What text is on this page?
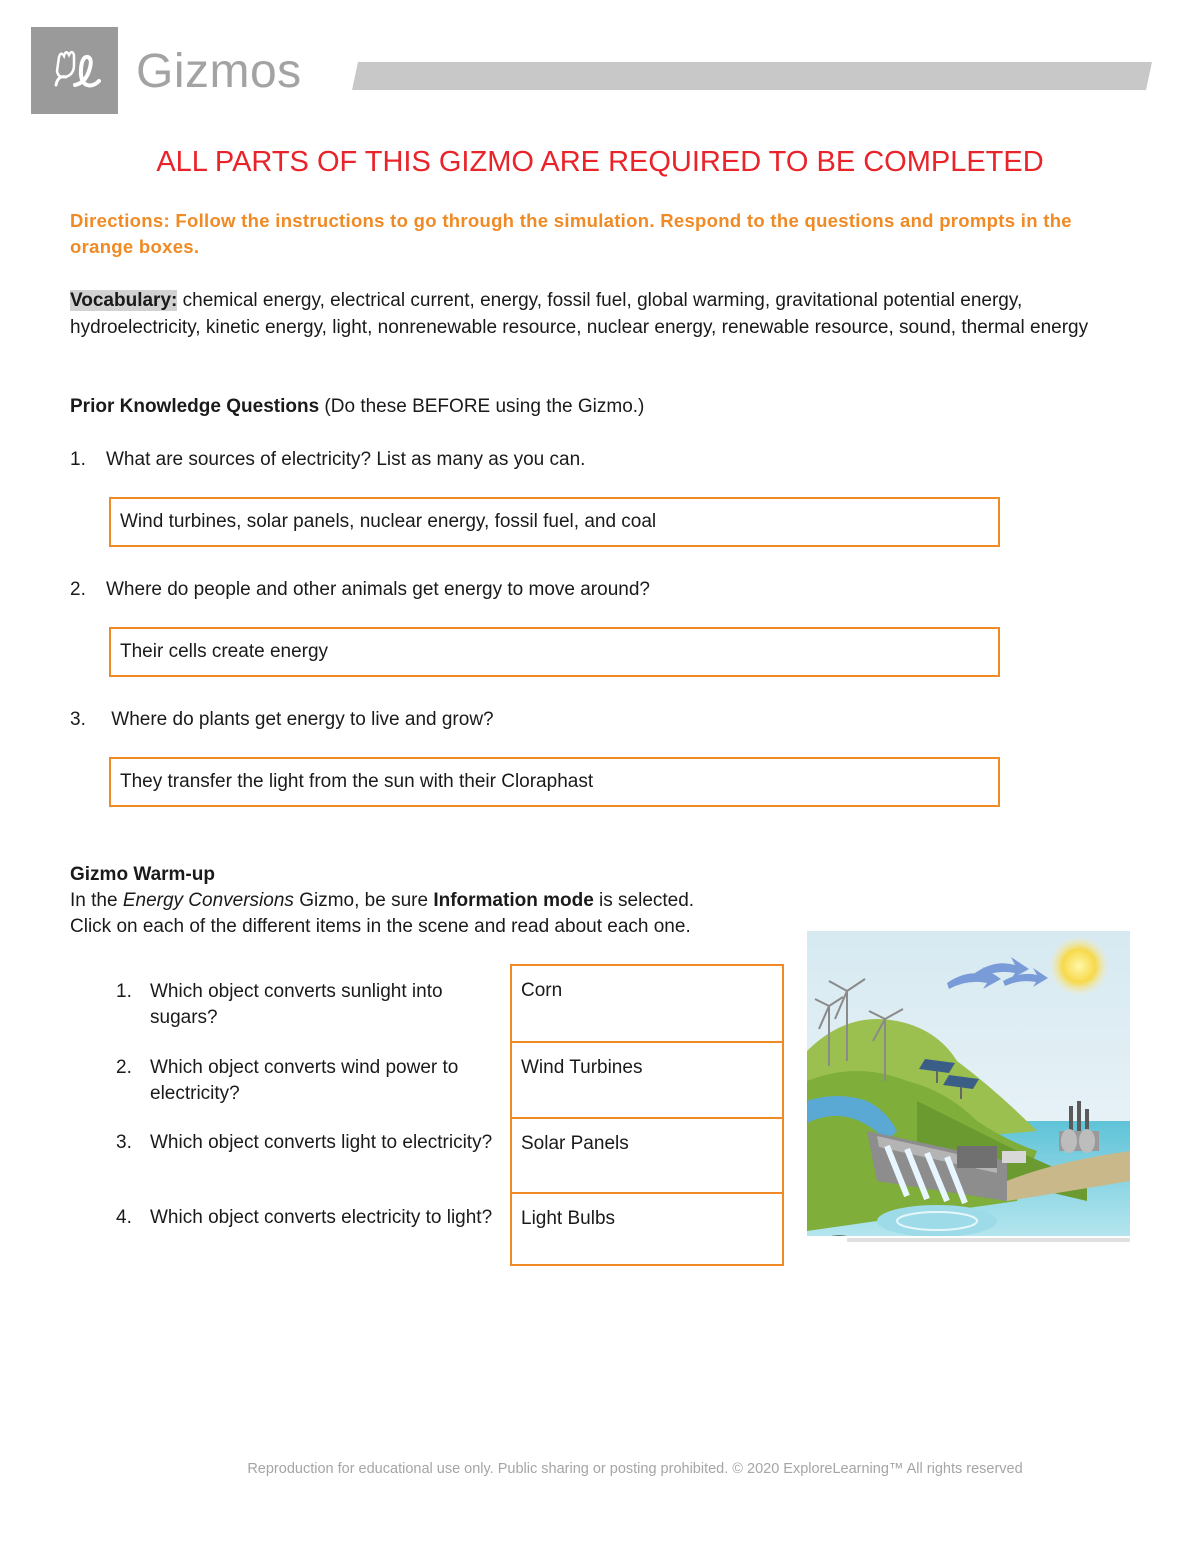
Gizmos
ALL PARTS OF THIS GIZMO ARE REQUIRED TO BE COMPLETED
Directions: Follow the instructions to go through the simulation. Respond to the questions and prompts in the orange boxes.
Vocabulary: chemical energy, electrical current, energy, fossil fuel, global warming, gravitational potential energy, hydroelectricity, kinetic energy, light, nonrenewable resource, nuclear energy, renewable resource, sound, thermal energy
Prior Knowledge Questions (Do these BEFORE using the Gizmo.)
1. What are sources of electricity? List as many as you can.
Wind turbines, solar panels, nuclear energy, fossil fuel, and coal
2. Where do people and other animals get energy to move around?
Their cells create energy
3. Where do plants get energy to live and grow?
They transfer the light from the sun with their Cloraphast
Gizmo Warm-up
In the Energy Conversions Gizmo, be sure Information mode is selected.
Click on each of the different items in the scene and read about each one.
1. Which object converts sunlight into sugars?
2. Which object converts wind power to electricity?
3. Which object converts light to electricity?
4. Which object converts electricity to light?
Corn
Wind Turbines
Solar Panels
Light Bulbs
Reproduction for educational use only. Public sharing or posting prohibited. © 2020 ExploreLearning™ All rights reserved
